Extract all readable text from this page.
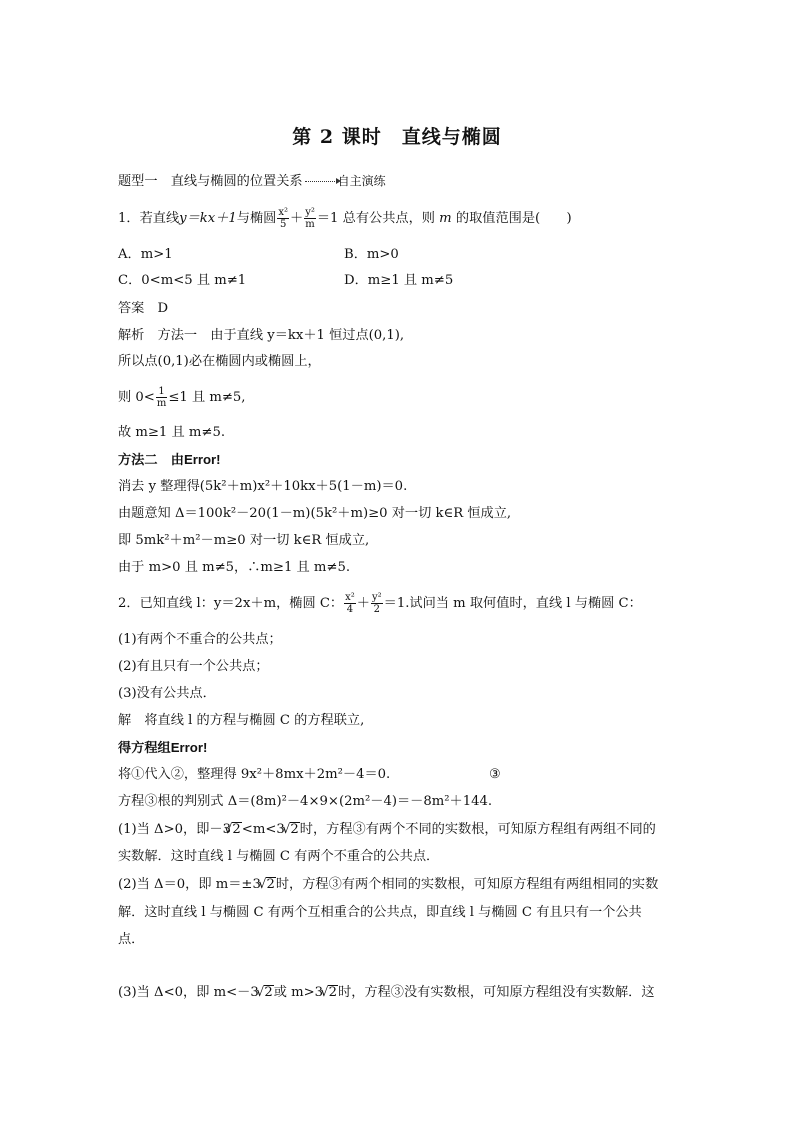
第 2 课时　直线与椭圆
题型一　直线与椭圆的位置关系	自主演练
1．若直线y＝kx＋1与椭圆 $\frac{\text{x²}}{5} + \frac{\text{y²}}{m} =1$ 总有公共点，则 m 的取值范围是(　　)
A．m>1	B．m>0
C．0<m<5 且 m≠1	D．m≥1 且 m≠5
答案　D
解析　方法一　由于直线 y＝kx＋1 恒过点(0,1),
所以点(0,1)必在椭圆内或椭圆上，
则 $0< \frac{1}{m} \le 1$ 且 m≠5,
故 m≥1 且 m≠5.
方法二　由Error!
消去 y 整理得(5k²＋m)x²＋10kx＋5(1－m)＝0.
由题意知 Δ＝100k²－20(1－m)(5k²＋m)≥0 对一切 k∈R 恒成立,
即 5mk²＋m²－m≥0 对一切 k∈R 恒成立,
由于 m>0 且 m≠5，∴m≥1 且 m≠5.
2．已知直线 l：y＝2x＋m，椭圆 C： $\frac{\text{x²}}{4} + \frac{\text{y²}}{2} =1$.试问当 m 取何值时，直线 l 与椭圆 C：
(1)有两个不重合的公共点；
(2)有且只有一个公共点；
(3)没有公共点．
解　将直线 l 的方程与椭圆 C 的方程联立,
得方程组Error!
将①代入②，整理得 9x²＋8mx＋2m²－4＝0.	③
方程③根的判别式 Δ＝(8m)²－4×9×(2m²－4)＝－8m²＋144.
(1)当 Δ>0，即－3√ 2<m<3 √ 2时，方程③有两个不同的实数根，可知原方程组有两组不同的
实数解．这时直线 l 与椭圆 C 有两个不重合的公共点．
(2)当 Δ＝0，即 m＝±3 √ 2时，方程③有两个相同的实数根，可知原方程组有两组相同的实数
解．这时直线 l 与椭圆 C 有两个互相重合的公共点，即直线 l 与椭圆 C 有且只有一个公共
点．
(3)当 Δ<0，即 m<－3 √ 2或 m>3 √ 2时，方程③没有实数根，可知原方程组没有实数解．这
